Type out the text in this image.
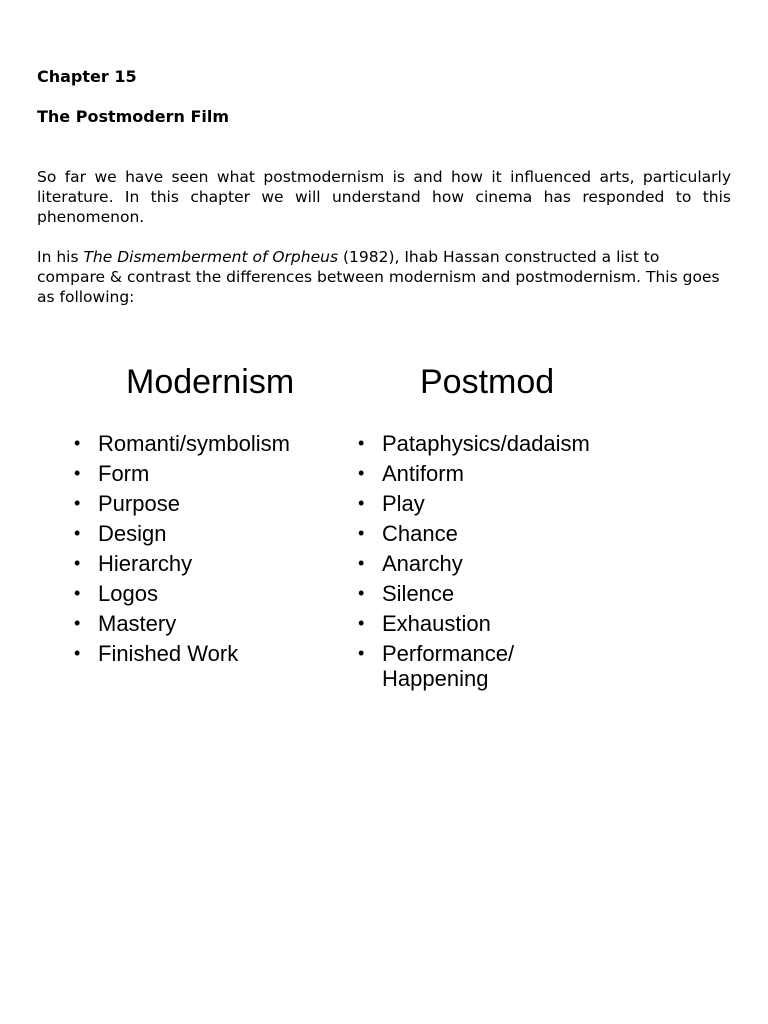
Chapter 15

The Postmodern Film

So far we have seen what postmodernism is and how it influenced arts, particularly literature. In this chapter we will understand how cinema has responded to this phenomenon.

In his The Dismemberment of Orpheus (1982), Ihab Hassan constructed a list to compare & contrast the differences between modernism and postmodernism. This goes as following:

Modernism	Postmod
• Romanti/symbolism
• Form
• Purpose
• Design
• Hierarchy
• Logos
• Mastery
• Finished Work
• Pataphysics/dadaism
• Antiform
• Play
• Chance
• Anarchy
• Silence
• Exhaustion
• Performance/ Happening
